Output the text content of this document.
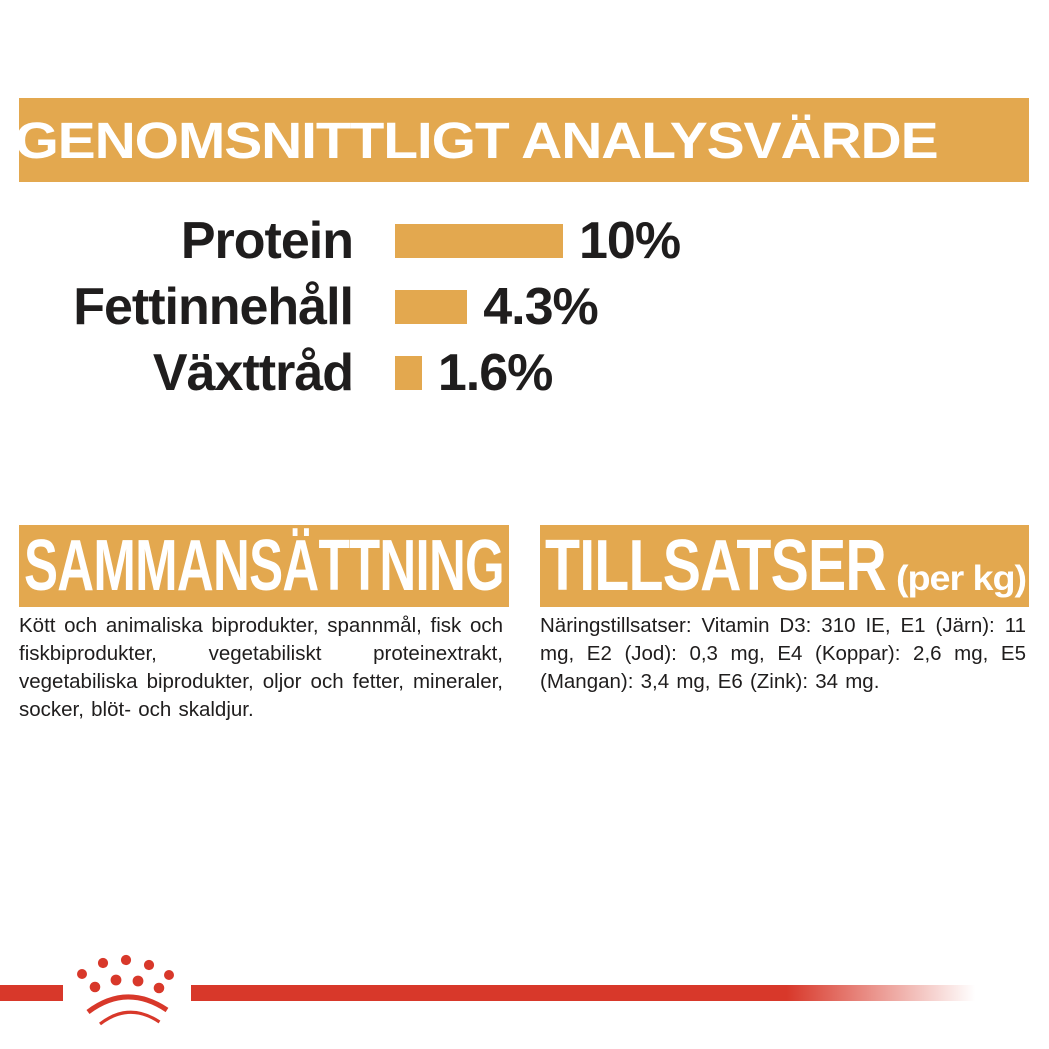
GENOMSNITTLIGT ANALYSVÄRDE
Protein	10%
Fettinnehåll	4.3%
Växttråd 1.6%
SAMMANSÄTTNING

Kött och animaliska biprodukter, spannmål, fisk och fiskbiprodukter, vegetabiliskt proteinextrakt, vegetabiliska biprodukter, oljor och fetter, mineraler, socker, blöt- och skaldjur.

TILLSATSER (per kg)

Näringstillsatser: Vitamin D3: 310 IE, E1 (Järn): 11 mg, E2 (Jod): 0,3 mg, E4 (Koppar): 2,6 mg, E5 (Mangan): 3,4 mg, E6 (Zink): 34 mg.
